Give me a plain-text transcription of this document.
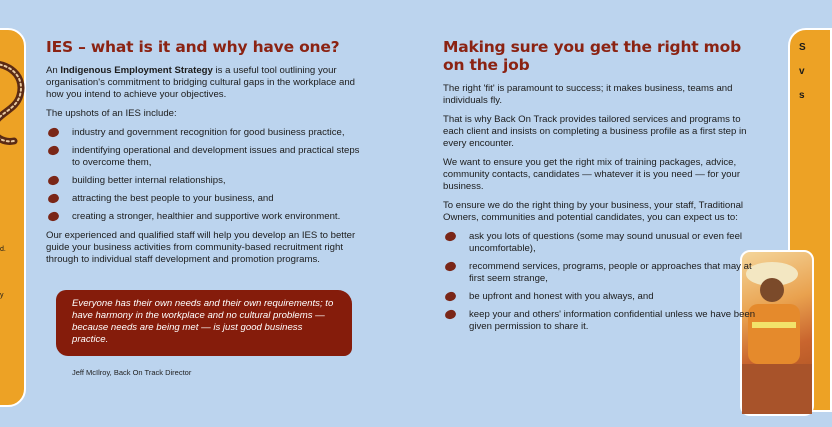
d.
y
S
v
s
IES – what is it and why have one?

An Indigenous Employment Strategy is a useful tool outlining your organisation's commitment to bridging cultural gaps in the workplace and how you intend to achieve your objectives.

The upshots of an IES include:

industry and government recognition for good business practice,
indentifying operational and development issues and practical steps to overcome them,
building better internal relationships,
attracting the best people to your business, and
creating a stronger, healthier and supportive work environment.

Our experienced and qualified staff will help you develop an IES to better guide your business activities from community-based recruitment right through to individual staff development and promotion programs.

Everyone has their own needs and their own requirements; to have harmony in the workplace and no cultural problems — because needs are being met — is just good business practice.
Jeff McIlroy, Back On Track Director
Making sure you get the right mob on the job

The right 'fit' is paramount to success; it makes business, teams and individuals fly.

That is why Back On Track provides tailored services and programs to each client and insists on completing a business profile as a first step in every encounter.

We want to ensure you get the right mix of training packages, advice, community contacts, candidates — whatever it is you need — for your business.

To ensure we do the right thing by your business, your staff, Traditional Owners, communities and potential candidates, you can expect us to:

ask you lots of questions (some may sound unusual or even feel uncomfortable),
recommend services, programs, people or approaches that may at first seem strange,
be upfront and honest with you always, and
keep your and others' information confidential unless we have been given permission to share it.
